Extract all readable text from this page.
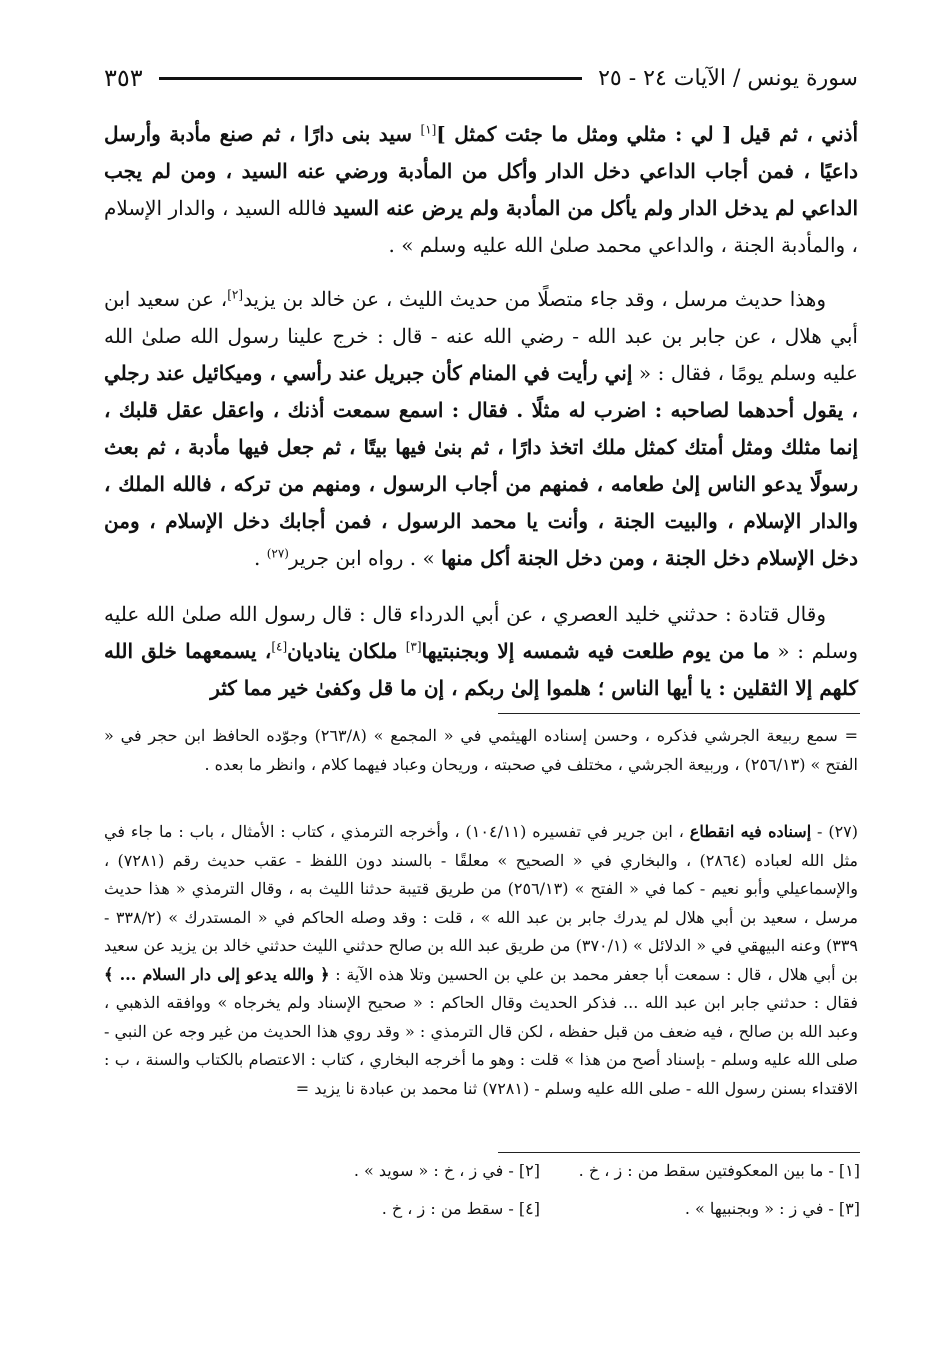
سورة يونس / الآيات ٢٤ - ٢٥
٣٥٣

أذني ، ثم قيل [ لي : مثلي ومثل ما جئت كمثل ][١] سيد بنى دارًا ، ثم صنع مأدبة وأرسل داعيًا ، فمن أجاب الداعي دخل الدار وأكل من المأدبة ورضي عنه السيد ، ومن لم يجب الداعي لم يدخل الدار ولم يأكل من المأدبة ولم يرض عنه السيد فالله السيد ، والدار الإسلام ، والمأدبة الجنة ، والداعي محمد صلىٰ الله عليه وسلم » .

وهذا حديث مرسل ، وقد جاء متصلًا من حديث الليث ، عن خالد بن يزيد[٢]، عن سعيد ابن أبي هلال ، عن جابر بن عبد الله - رضي الله عنه - قال : خرج علينا رسول الله صلىٰ الله عليه وسلم يومًا ، فقال : « إني رأيت في المنام كأن جبريل عند رأسي ، وميكائيل عند رجلي ، يقول أحدهما لصاحبه : اضرب له مثلًا . فقال : اسمع سمعت أذنك ، واعقل عقل قلبك ، إنما مثلك ومثل أمتك كمثل ملك اتخذ دارًا ، ثم بنىٰ فيها بيتًا ، ثم جعل فيها مأدبة ، ثم بعث رسولًا يدعو الناس إلىٰ طعامه ، فمنهم من أجاب الرسول ، ومنهم من تركه ، فالله الملك ، والدار الإسلام ، والبيت الجنة ، وأنت يا محمد الرسول ، فمن أجابك دخل الإسلام ، ومن دخل الإسلام دخل الجنة ، ومن دخل الجنة أكل منها » . رواه ابن جرير$^{(٢٧)}$ .

وقال قتادة : حدثني خليد العصري ، عن أبي الدرداء قال : قال رسول الله صلىٰ الله عليه وسلم : « ما من يوم طلعت فيه شمسه إلا وبجنبتيها[٣] ملكان يناديان[٤]، يسمعهما خلق الله كلهم إلا الثقلين : يا أيها الناس ؛ هلموا إلىٰ ربكم ، إن ما قل وكفىٰ خير مما كثر

= سمع ربيعة الجرشي فذكره ، وحسن إسناده الهيثمي في « المجمع » (٢٦٣/٨) وجوّده الحافظ ابن حجر في « الفتح » (٢٥٦/١٣) ، وربيعة الجرشي ، مختلف في صحبته ، وريحان وعباد فيهما كلام ، وانظر ما بعده .

(٢٧) - إسناده فيه انقطاع ، ابن جرير في تفسيره (١٠٤/١١) ، وأخرجه الترمذي ، كتاب : الأمثال ، باب : ما جاء في مثل الله لعباده (٢٨٦٤) ، والبخاري في « الصحيح » معلقًا - بالسند دون اللفظ - عقب حديث رقم (٧٢٨١) ، والإسماعيلي وأبو نعيم - كما في « الفتح » (٢٥٦/١٣) من طريق قتيبة حدثنا الليث به ، وقال الترمذي « هذا حديث مرسل ، سعيد بن أبي هلال لم يدرك جابر بن عبد الله » ، قلت : وقد وصله الحاكم في « المستدرك » (٣٣٨/٢ - ٣٣٩) وعنه البيهقي في « الدلائل » (٣٧٠/١) من طريق عبد الله بن صالح حدثني الليث حدثني خالد بن يزيد عن سعيد بن أبي هلال ، قال : سمعت أبا جعفر محمد بن علي بن الحسين وتلا هذه الآية : ﴿ والله يدعو إلى دار السلام ... ﴾ فقال : حدثني جابر ابن عبد الله ... فذكر الحديث وقال الحاكم : « صحيح الإسناد ولم يخرجاه » ووافقه الذهبي ، وعبد الله بن صالح ، فيه ضعف من قبل حفظه ، لكن قال الترمذي : « وقد روي هذا الحديث من غير وجه عن النبي - صلى الله عليه وسلم - بإسناد أصح من هذا » قلت : وهو ما أخرجه البخاري ، كتاب : الاعتصام بالكتاب والسنة ، ب : الاقتداء بسنن رسول الله - صلى الله عليه وسلم - (٧٢٨١) ثنا محمد بن عبادة نا يزيد =

[١] - ما بين المعكوفتين سقط من : ز ، خ .
[٢] - في ز ، خ : « سويد » .
[٣] - في ز : « وبجنبيها » .
[٤] - سقط من : ز ، خ .
